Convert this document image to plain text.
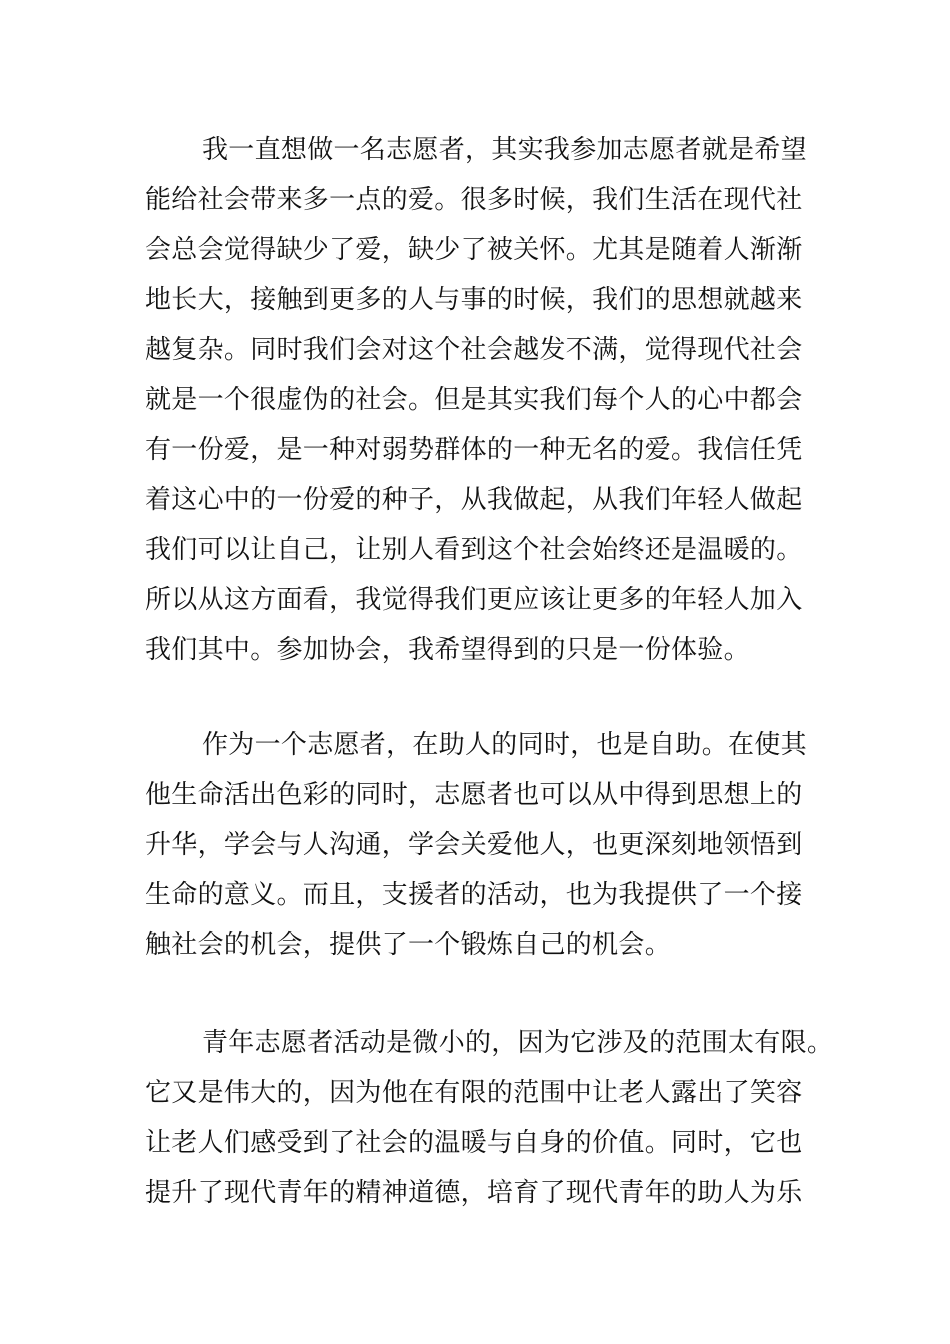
我一直想做一名志愿者，其实我参加志愿者就是希望
能给社会带来多一点的爱。很多时候，我们生活在现代社
会总会觉得缺少了爱，缺少了被关怀。尤其是随着人渐渐
地长大，接触到更多的人与事的时候，我们的思想就越来
越复杂。同时我们会对这个社会越发不满，觉得现代社会
就是一个很虚伪的社会。但是其实我们每个人的心中都会
有一份爱，是一种对弱势群体的一种无名的爱。我信任凭
着这心中的一份爱的种子，从我做起，从我们年轻人做起
我们可以让自己，让别人看到这个社会始终还是温暖的。
所以从这方面看，我觉得我们更应该让更多的年轻人加入
我们其中。参加协会，我希望得到的只是一份体验。
作为一个志愿者，在助人的同时，也是自助。在使其
他生命活出色彩的同时，志愿者也可以从中得到思想上的
升华，学会与人沟通，学会关爱他人，也更深刻地领悟到
生命的意义。而且，支援者的活动，也为我提供了一个接
触社会的机会，提供了一个锻炼自己的机会。
青年志愿者活动是微小的，因为它涉及的范围太有限。
它又是伟大的，因为他在有限的范围中让老人露出了笑容
让老人们感受到了社会的温暖与自身的价值。同时，它也
提升了现代青年的精神道德，培育了现代青年的助人为乐
